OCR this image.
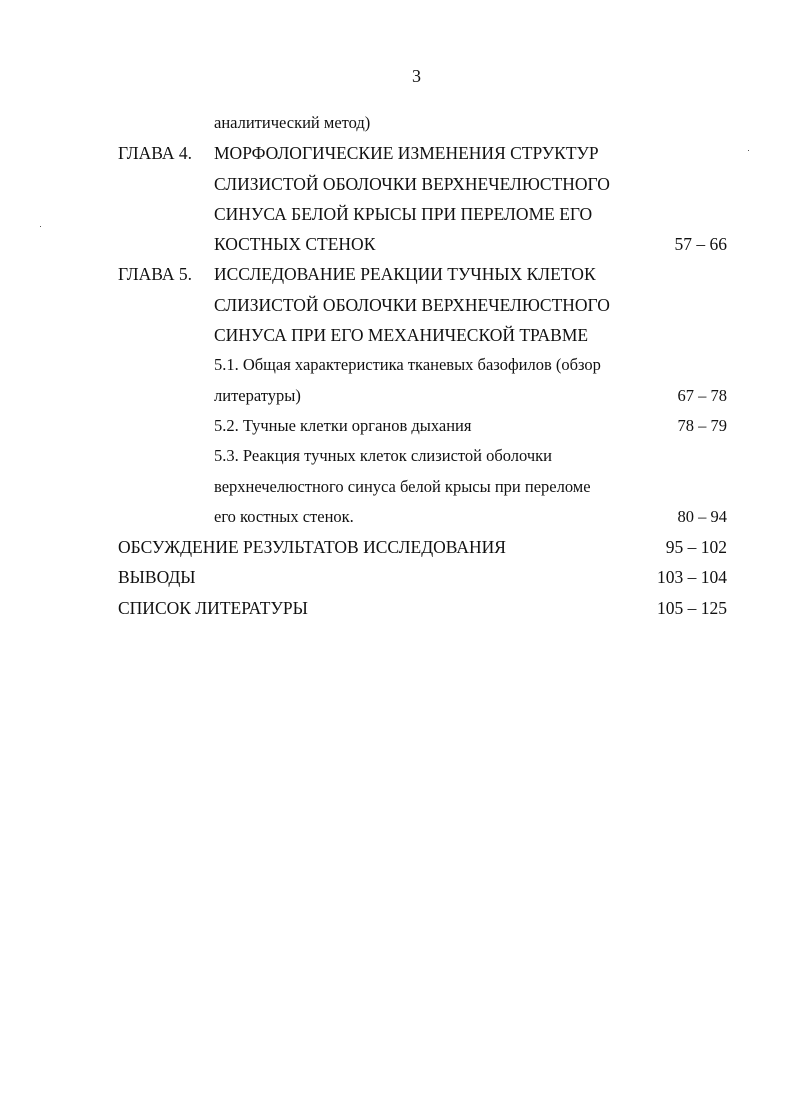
3
аналитический метод)
ГЛАВА 4. МОРФОЛОГИЧЕСКИЕ ИЗМЕНЕНИЯ СТРУКТУР
СЛИЗИСТОЙ ОБОЛОЧКИ ВЕРХНЕЧЕЛЮСТНОГО
СИНУСА БЕЛОЙ КРЫСЫ ПРИ ПЕРЕЛОМЕ ЕГО
КОСТНЫХ СТЕНОК	57 – 66
ГЛАВА 5. ИССЛЕДОВАНИЕ РЕАКЦИИ ТУЧНЫХ КЛЕТОК
СЛИЗИСТОЙ ОБОЛОЧКИ ВЕРХНЕЧЕЛЮСТНОГО
СИНУСА ПРИ ЕГО МЕХАНИЧЕСКОЙ ТРАВМЕ
5.1. Общая характеристика тканевых базофилов (обзор
литературы)	67 – 78
5.2. Тучные клетки органов дыхания	78 – 79
5.3. Реакция тучных клеток слизистой оболочки
верхнечелюстного синуса белой крысы при переломе
его костных стенок.	80 – 94
ОБСУЖДЕНИЕ РЕЗУЛЬТАТОВ ИССЛЕДОВАНИЯ	95 – 102
ВЫВОДЫ	103 – 104
СПИСОК ЛИТЕРАТУРЫ	105 – 125
